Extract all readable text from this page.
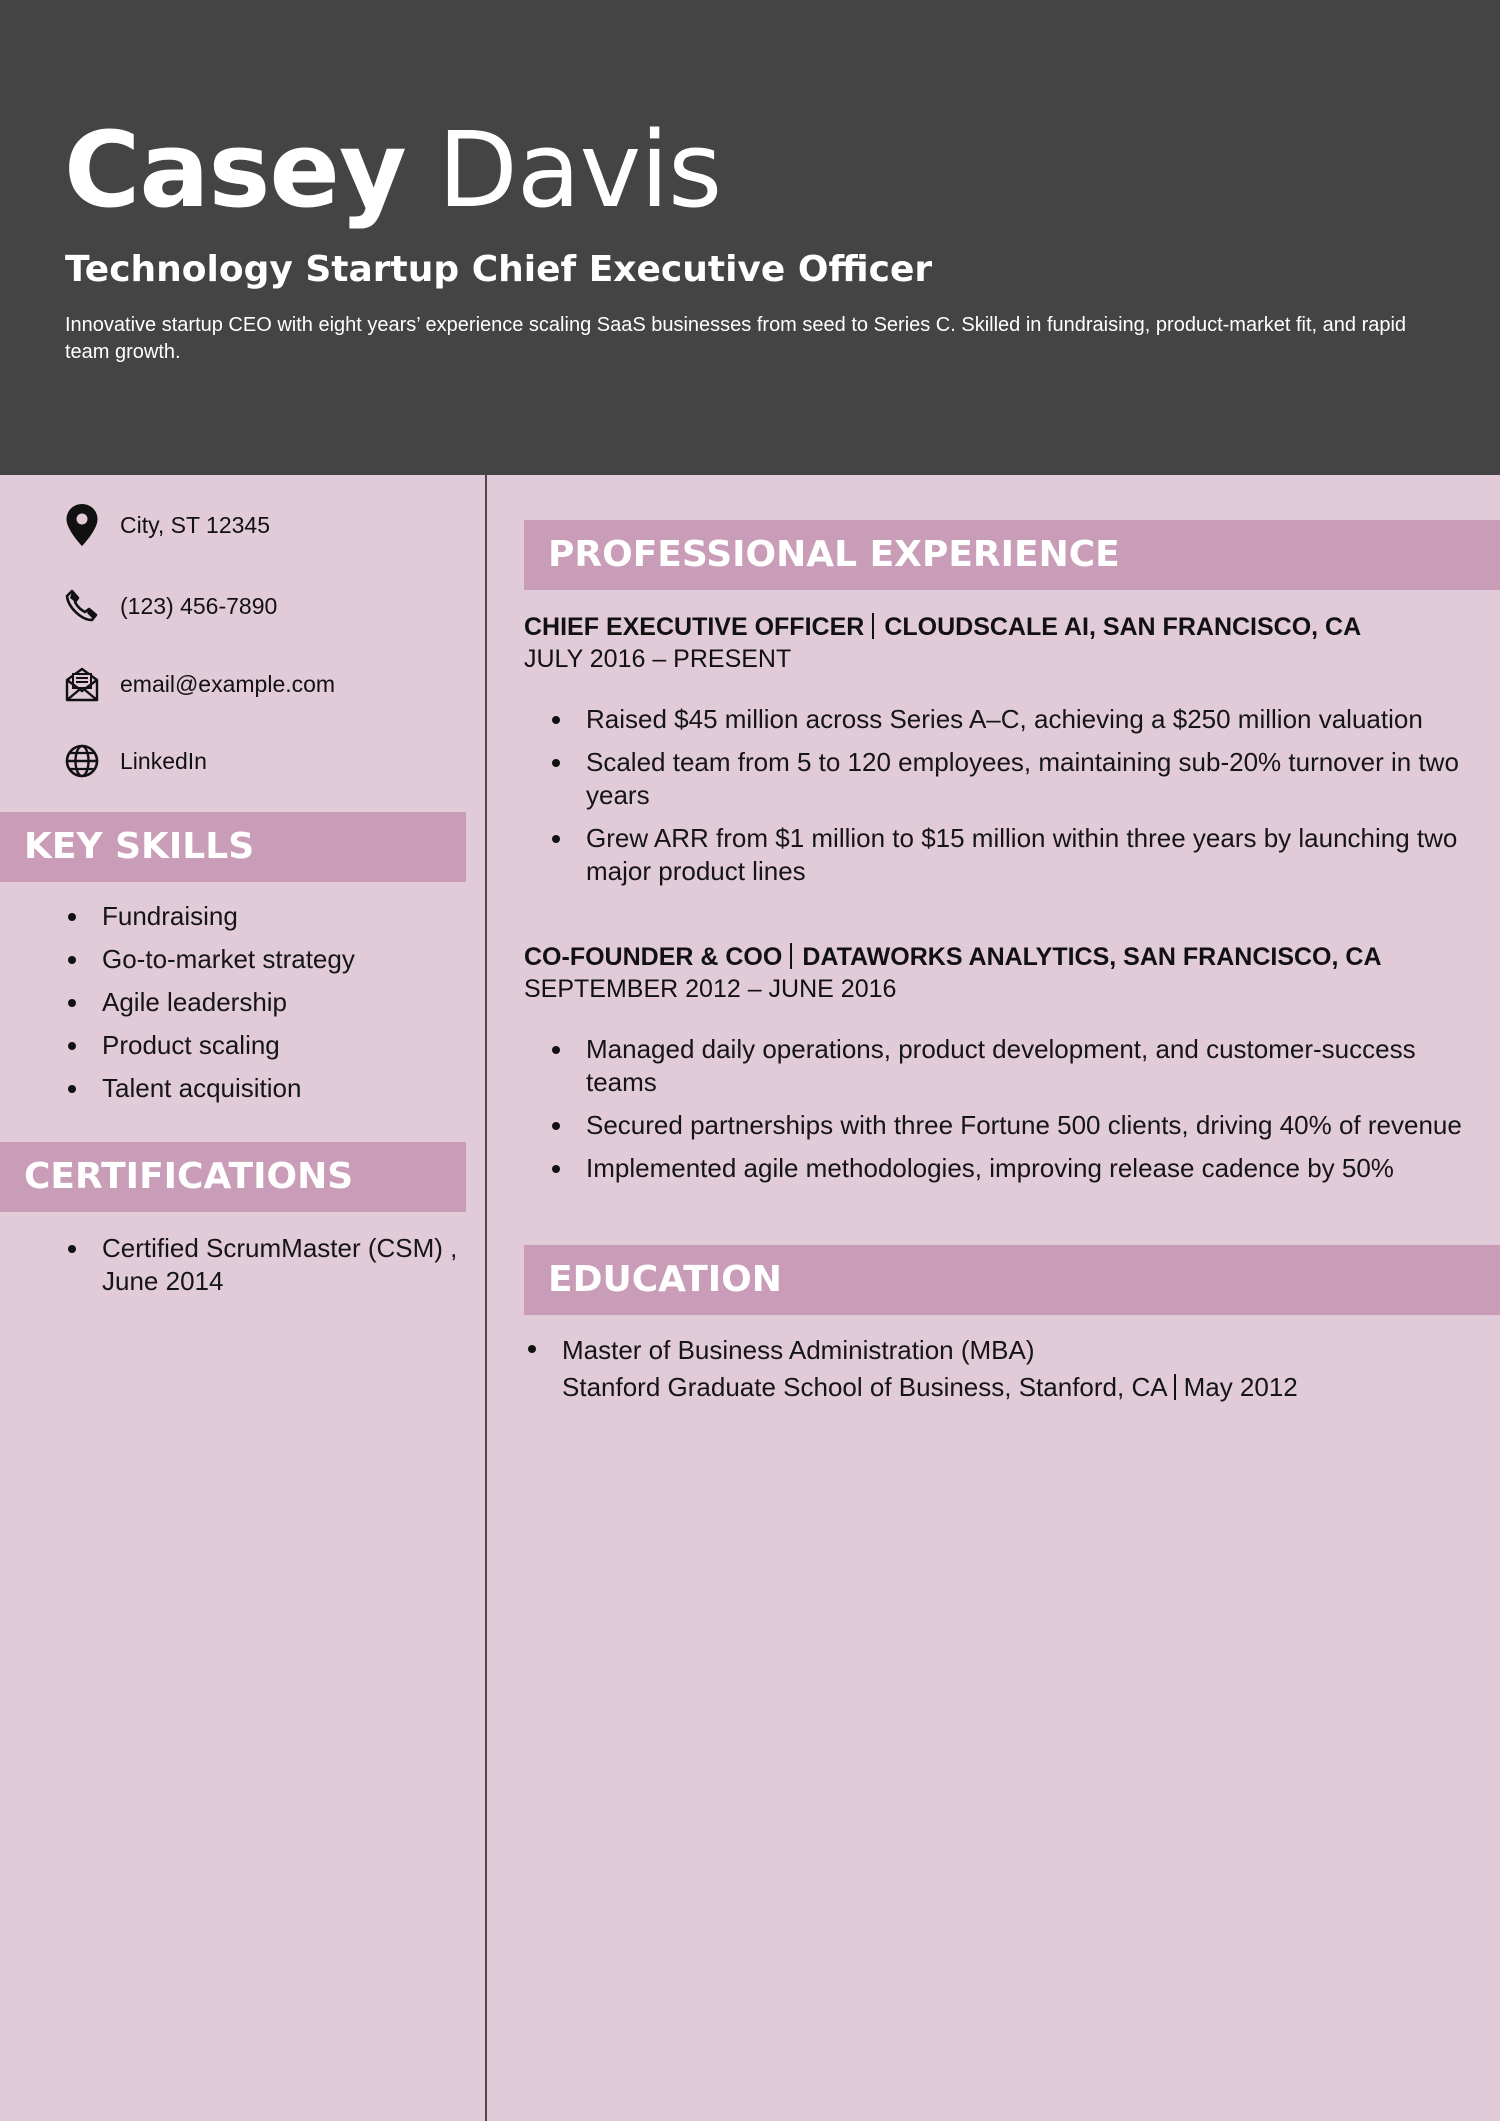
Casey Davis
Technology Startup Chief Executive Officer
Innovative startup CEO with eight years’ experience scaling SaaS businesses from seed to Series C. Skilled in fundraising, product-market fit, and rapid team growth.
City, ST 12345
(123) 456-7890
email@example.com
LinkedIn
KEY SKILLS
Fundraising
Go-to-market strategy
Agile leadership
Product scaling
Talent acquisition
CERTIFICATIONS
Certified ScrumMaster (CSM) , June 2014
PROFESSIONAL EXPERIENCE
CHIEF EXECUTIVE OFFICER CLOUDSCALE AI, SAN FRANCISCO, CA
JULY 2016 – PRESENT
Raised $45 million across Series A–C, achieving a $250 million valuation
Scaled team from 5 to 120 employees, maintaining sub-20% turnover in two years
Grew ARR from $1 million to $15 million within three years by launching two major product lines
CO-FOUNDER & COO DATAWORKS ANALYTICS, SAN FRANCISCO, CA
SEPTEMBER 2012 – JUNE 2016
Managed daily operations, product development, and customer-success teams
Secured partnerships with three Fortune 500 clients, driving 40% of revenue
Implemented agile methodologies, improving release cadence by 50%
EDUCATION
Master of Business Administration (MBA)
Stanford Graduate School of Business, Stanford, CA May 2012
